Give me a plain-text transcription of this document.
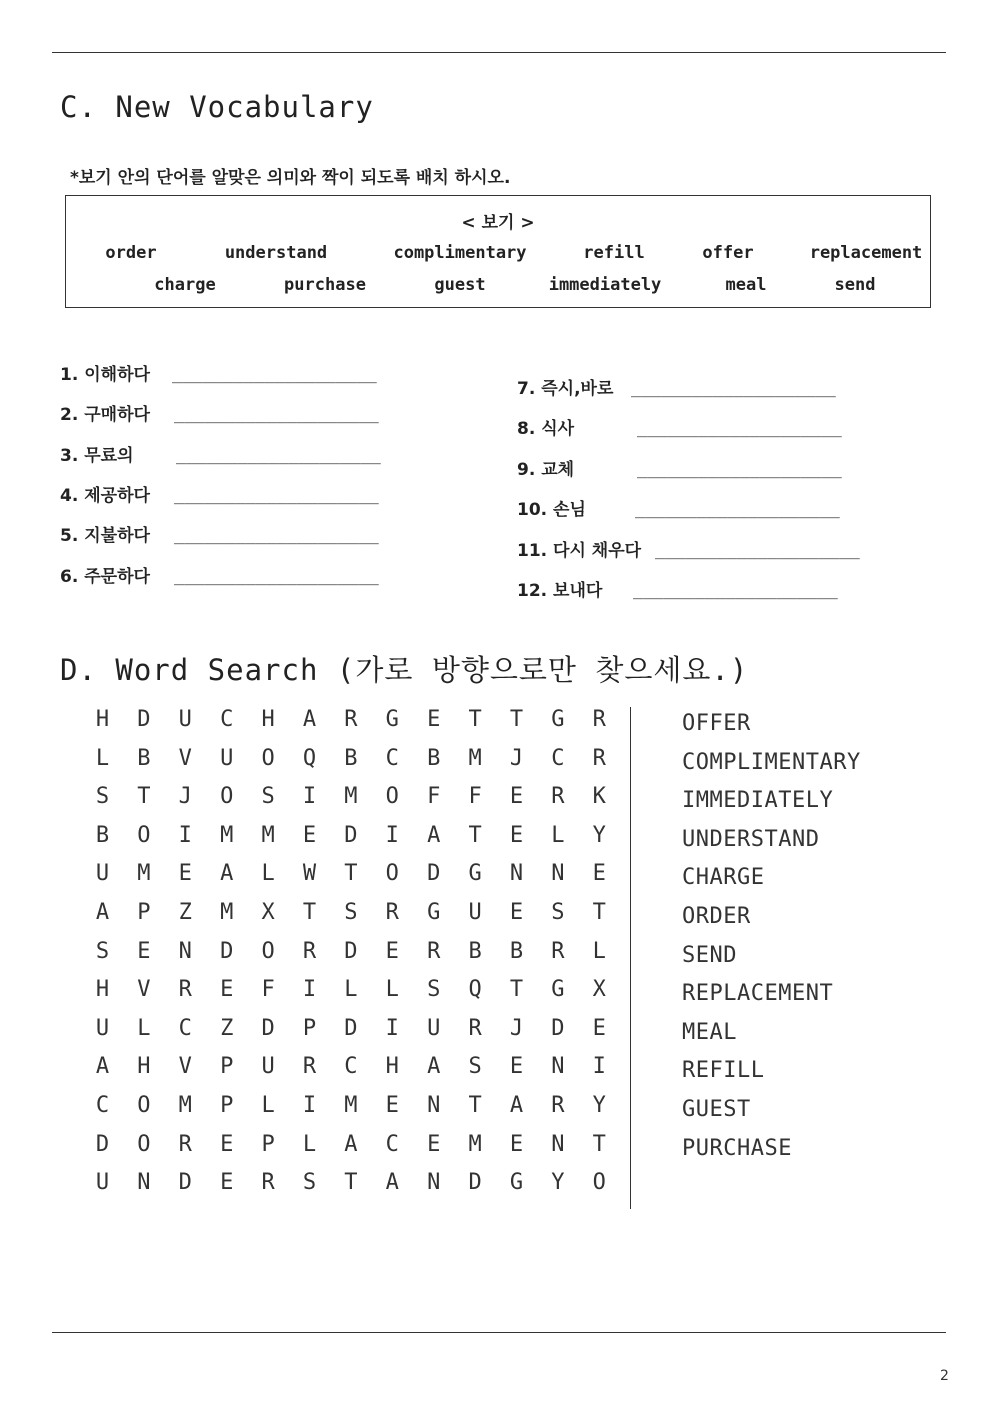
C. New Vocabulary
*보기 안의 단어를 알맞은 의미와 짝이 되도록 배치 하시오.
< 보기 >
order	understand	complimentary	refill	offer	replacement
charge	purchase	guest	immediately	meal	send
1. 이해하다 ____________________
2. 구매하다 ____________________
3. 무료의	____________________
4. 제공하다 ____________________
5. 지불하다 ____________________
6. 주문하다 ____________________
7. 즉시,바로 ____________________
8. 식사	____________________
9. 교체	____________________
10. 손님	____________________
11. 다시 채우다 ____________________
12. 보내다 ____________________
D. Word Search (가로 방향으로만 찾으세요.)
H	D	U	C	H	A	R	G	E	T	T	G	R
L	B	V	U	O	Q	B	C	B	M	J	C	R
S	T	J	O	S	I	M	O	F	F	E	R	K
B	O	I	M	M	E	D	I	A	T	E	L	Y
U	M	E	A	L	W	T	O	D	G	N	N	E
A	P	Z	M	X	T	S	R	G	U	E	S	T
S	E	N	D	O	R	D	E	R	B	B	R	L
H	V	R	E	F	I	L	L	S	Q	T	G	X
U	L	C	Z	D	P	D	I	U	R	J	D	E
A	H	V	P	U	R	C	H	A	S	E	N	I
C	O	M	P	L	I	M	E	N	T	A	R	Y
D	O	R	E	P	L	A	C	E	M	E	N	T
U	N	D	E	R	S	T	A	N	D	G	Y	O
OFFER
COMPLIMENTARY
IMMEDIATELY
UNDERSTAND
CHARGE
ORDER
SEND
REPLACEMENT
MEAL
REFILL
GUEST
PURCHASE
2
